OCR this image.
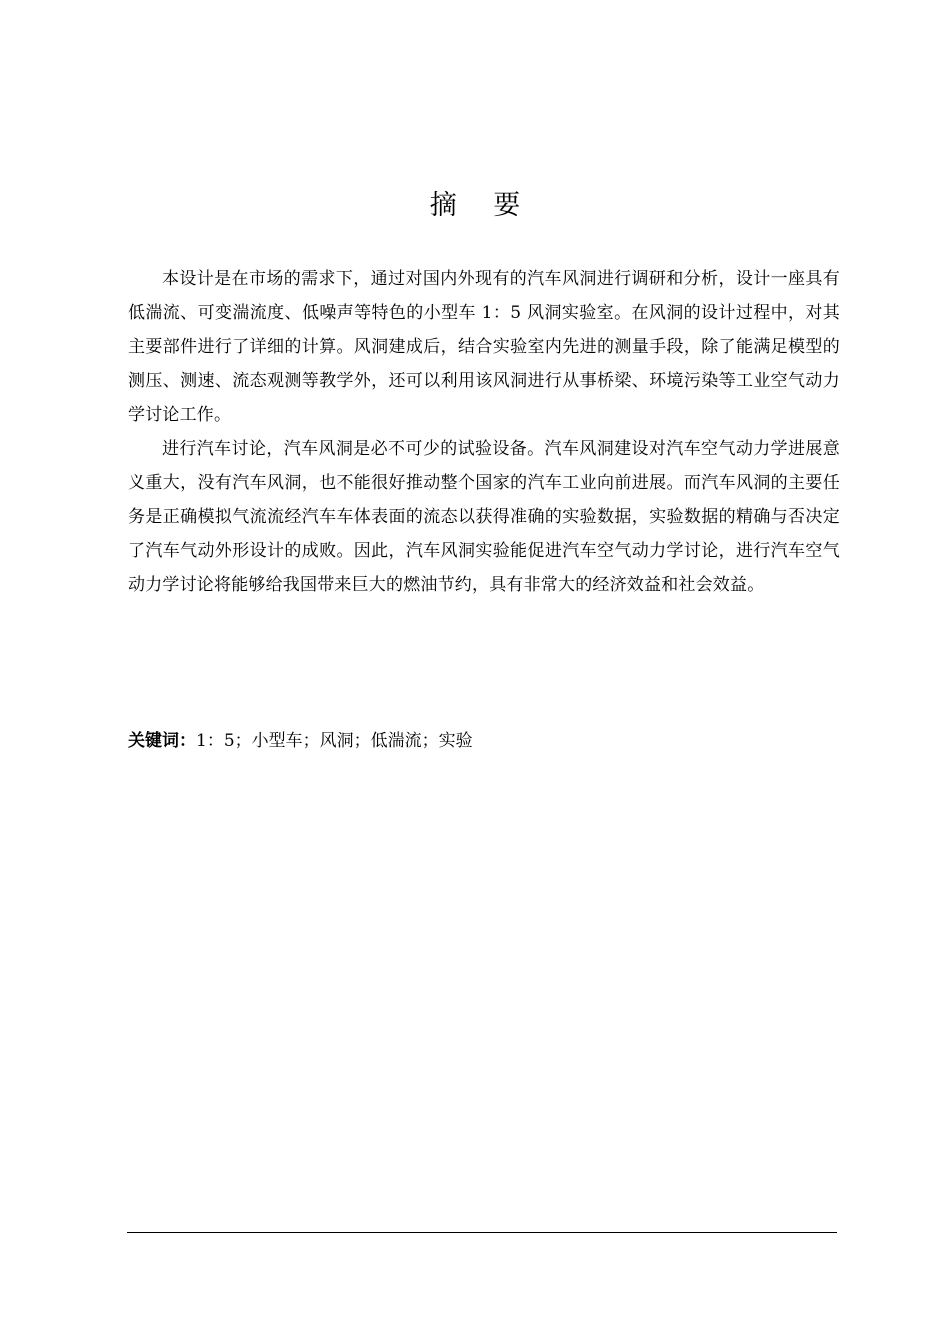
摘 要

本设计是在市场的需求下，通过对国内外现有的汽车风洞进行调研和分析，设计一座具有低湍流、可变湍流度、低噪声等特色的小型车 1：5 风洞实验室。在风洞的设计过程中，对其主要部件进行了详细的计算。风洞建成后，结合实验室内先进的测量手段，除了能满足模型的测压、测速、流态观测等教学外，还可以利用该风洞进行从事桥梁、环境污染等工业空气动力学讨论工作。

进行汽车讨论，汽车风洞是必不可少的试验设备。汽车风洞建设对汽车空气动力学进展意义重大，没有汽车风洞，也不能很好推动整个国家的汽车工业向前进展。而汽车风洞的主要任务是正确模拟气流流经汽车车体表面的流态以获得准确的实验数据，实验数据的精确与否决定了汽车气动外形设计的成败。因此，汽车风洞实验能促进汽车空气动力学讨论，进行汽车空气动力学讨论将能够给我国带来巨大的燃油节约，具有非常大的经济效益和社会效益。

关键词：1：5；小型车；风洞；低湍流；实验
